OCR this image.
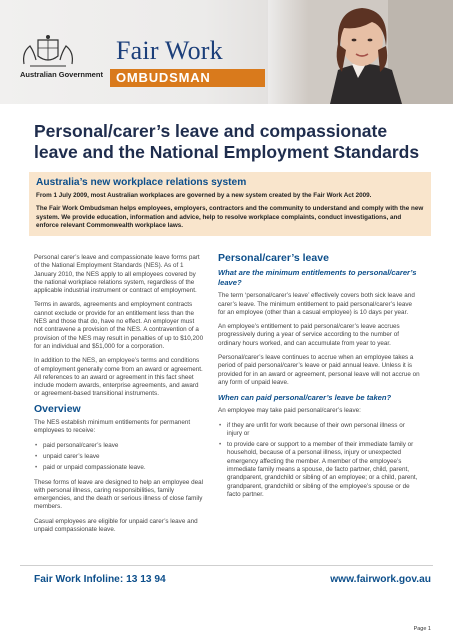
Australian Government
Fair Work
OMBUDSMAN
Personal/carer’s leave and compassionate leave and the National Employment Standards
Australia’s new workplace relations system

From 1 July 2009, most Australian workplaces are governed by a new system created by the Fair Work Act 2009.

The Fair Work Ombudsman helps employees, employers, contractors and the community to understand and comply with the new system. We provide education, information and advice, help to resolve workplace complaints, conduct investigations, and enforce relevant Commonwealth workplace laws.

Personal carer’s leave and compassionate leave forms part of the National Employment Standards (NES). As of 1 January 2010, the NES apply to all employees covered by the national workplace relations system, regardless of the applicable industrial instrument or contract of employment.

Terms in awards, agreements and employment contracts cannot exclude or provide for an entitlement less than the NES and those that do, have no effect. An employer must not contravene a provision of the NES. A contravention of a provision of the NES may result in penalties of up to $10,200 for an individual and $51,000 for a corporation.

In addition to the NES, an employee’s terms and conditions of employment generally come from an award or agreement. All references to an award or agreement in this fact sheet include modern awards, enterprise agreements, and award or agreement-based transitional instruments.

Overview

The NES establish minimum entitlements for permanent employees to receive:

• paid personal/carer’s leave
• unpaid carer’s leave
• paid or unpaid compassionate leave.

These forms of leave are designed to help an employee deal with personal illness, caring responsibilities, family emergencies, and the death or serious illness of close family members.

Casual employees are eligible for unpaid carer’s leave and unpaid compassionate leave.

Personal/carer’s leave
What are the minimum entitlements to personal/carer’s leave?

The term ‘personal/carer’s leave’ effectively covers both sick leave and carer’s leave. The minimum entitlement to paid personal/carer’s leave for an employee (other than a casual employee) is 10 days per year.

An employee’s entitlement to paid personal/carer’s leave accrues progressively during a year of service according to the number of ordinary hours worked, and can accumulate from year to year.

Personal/carer’s leave continues to accrue when an employee takes a period of paid personal/carer’s leave or paid annual leave. Unless it is provided for in an award or agreement, personal leave will not accrue on any form of unpaid leave.

When can paid personal/carer’s leave be taken?

An employee may take paid personal/carer’s leave:

• if they are unfit for work because of their own personal illness or injury or
• to provide care or support to a member of their immediate family or household, because of a personal illness, injury or unexpected emergency affecting the member. A member of the employee’s immediate family means a spouse, de facto partner, child, parent, grandparent, grandchild or sibling of an employee; or a child, parent, grandparent, grandchild or sibling of the employee’s spouse or de facto partner.
Fair Work Infoline: 13 13 94	www.fairwork.gov.au
Page 1
